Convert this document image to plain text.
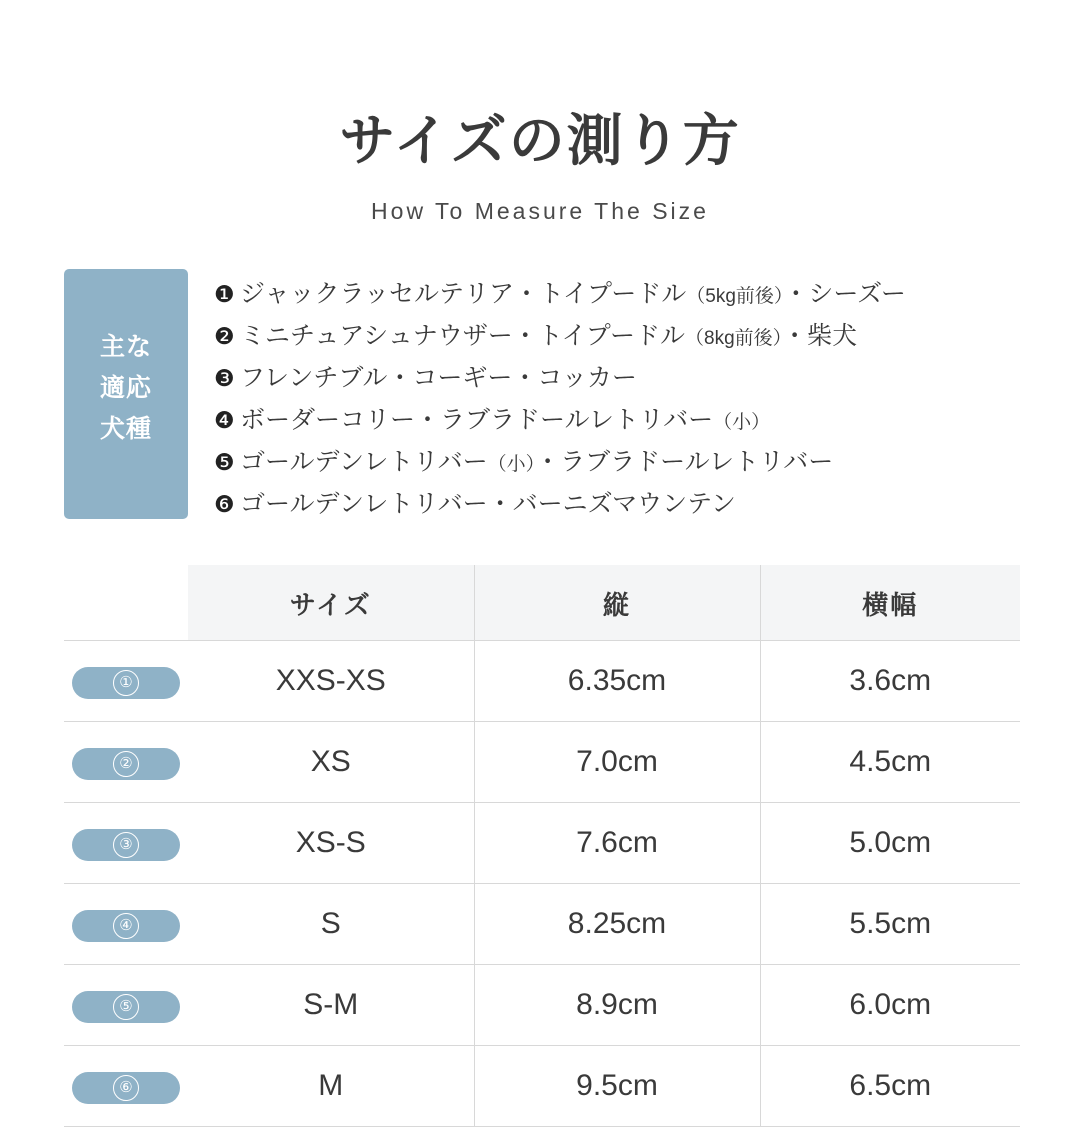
サイズの測り方
How To Measure The Size
主な
適応
犬種
❶ ジャックラッセルテリア・トイプードル（5kg前後）・シーズー
❷ ミニチュアシュナウザー・トイプードル（8kg前後）・柴犬
❸ フレンチブル・コーギー・コッカー
❹ ボーダーコリー・ラブラドールレトリバー（小）
❺ ゴールデンレトリバー（小）・ラブラドールレトリバー
❻ ゴールデンレトリバー・バーニズマウンテン
	サイズ	縦	横幅
①	XXS-XS	6.35cm	3.6cm
②	XS	7.0cm	4.5cm
③	XS-S	7.6cm	5.0cm
④	S	8.25cm	5.5cm
⑤	S-M	8.9cm	6.0cm
⑥	M	9.5cm	6.5cm
